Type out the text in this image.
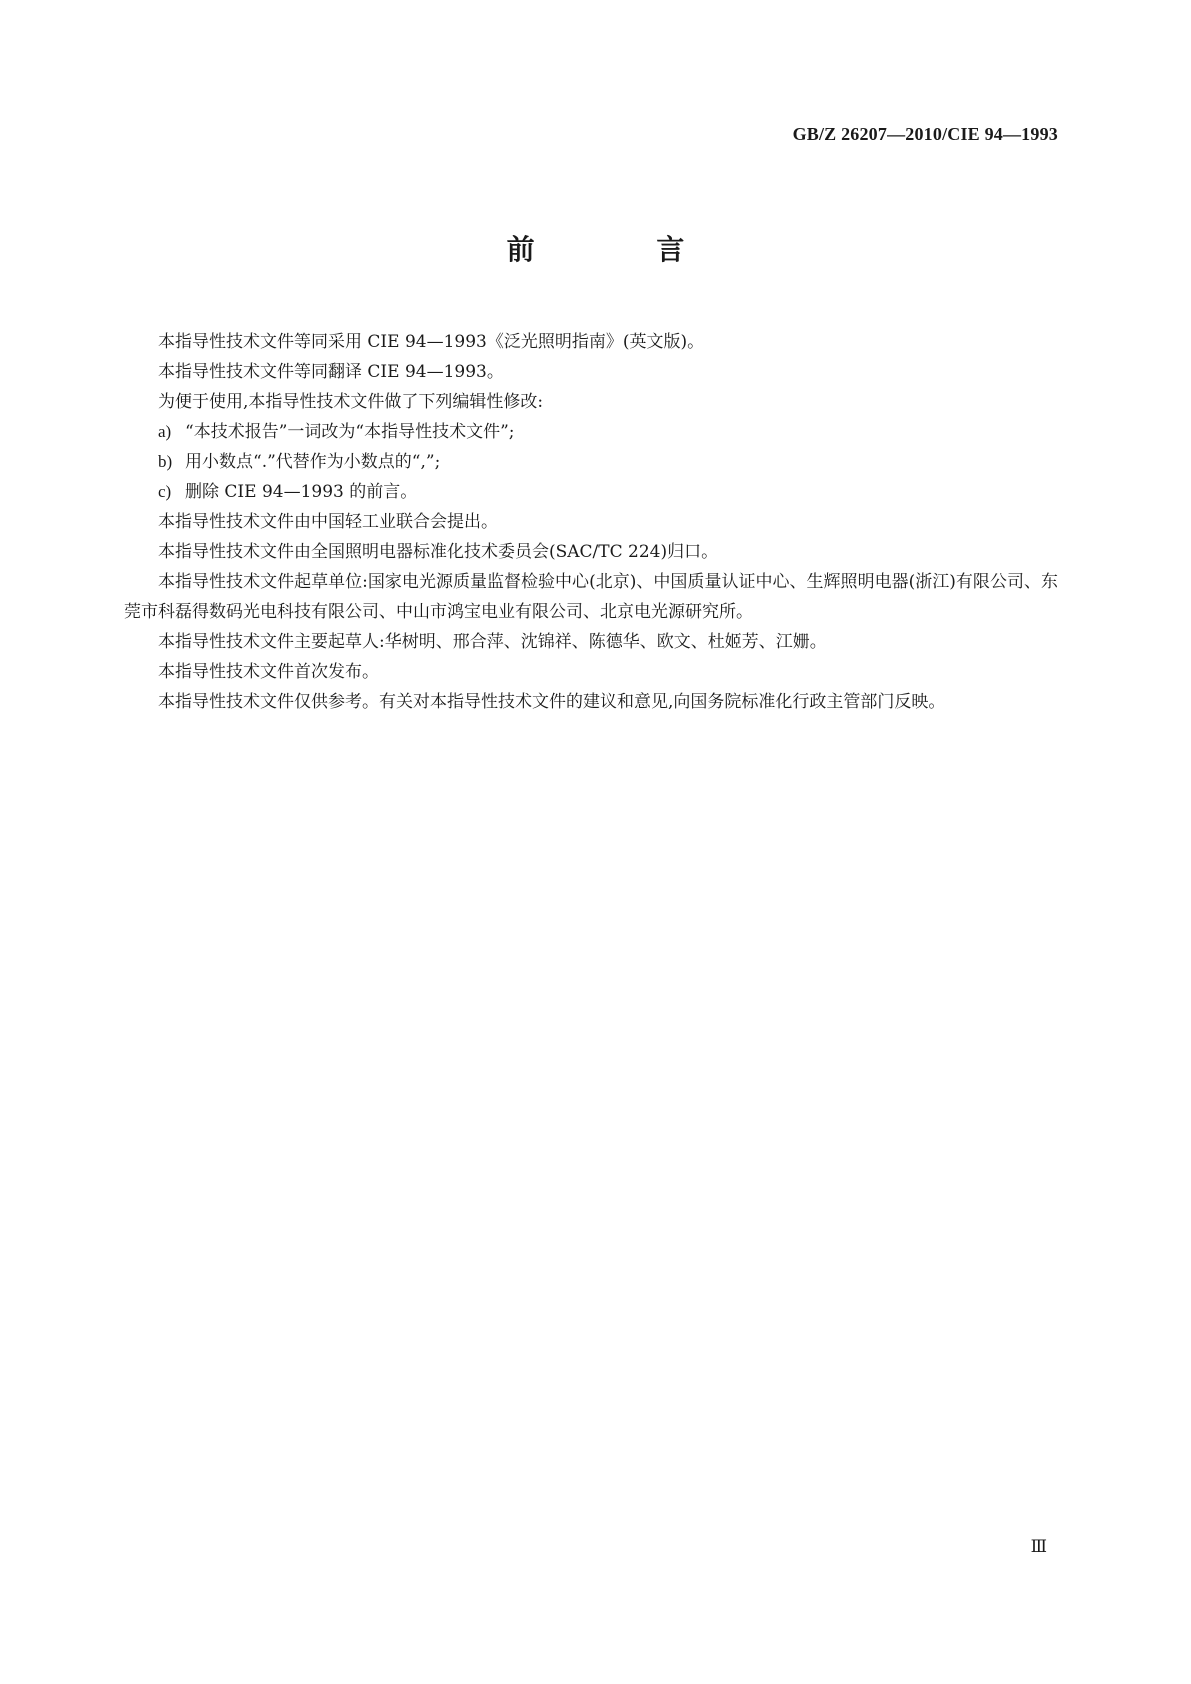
GB/Z 26207—2010/CIE 94—1993
前 言

本指导性技术文件等同采用 CIE 94—1993《泛光照明指南》(英文版)。

本指导性技术文件等同翻译 CIE 94—1993。

为便于使用,本指导性技术文件做了下列编辑性修改:

a) “本技术报告”一词改为“本指导性技术文件”;
b) 用小数点“.”代替作为小数点的“,”;
c) 删除 CIE 94—1993 的前言。

本指导性技术文件由中国轻工业联合会提出。

本指导性技术文件由全国照明电器标准化技术委员会(SAC/TC 224)归口。

本指导性技术文件起草单位:国家电光源质量监督检验中心(北京)、中国质量认证中心、生辉照明电器(浙江)有限公司、东莞市科磊得数码光电科技有限公司、中山市鸿宝电业有限公司、北京电光源研究所。

本指导性技术文件主要起草人:华树明、邢合萍、沈锦祥、陈德华、欧文、杜姬芳、江姗。

本指导性技术文件首次发布。

本指导性技术文件仅供参考。有关对本指导性技术文件的建议和意见,向国务院标准化行政主管部门反映。

Ⅲ
